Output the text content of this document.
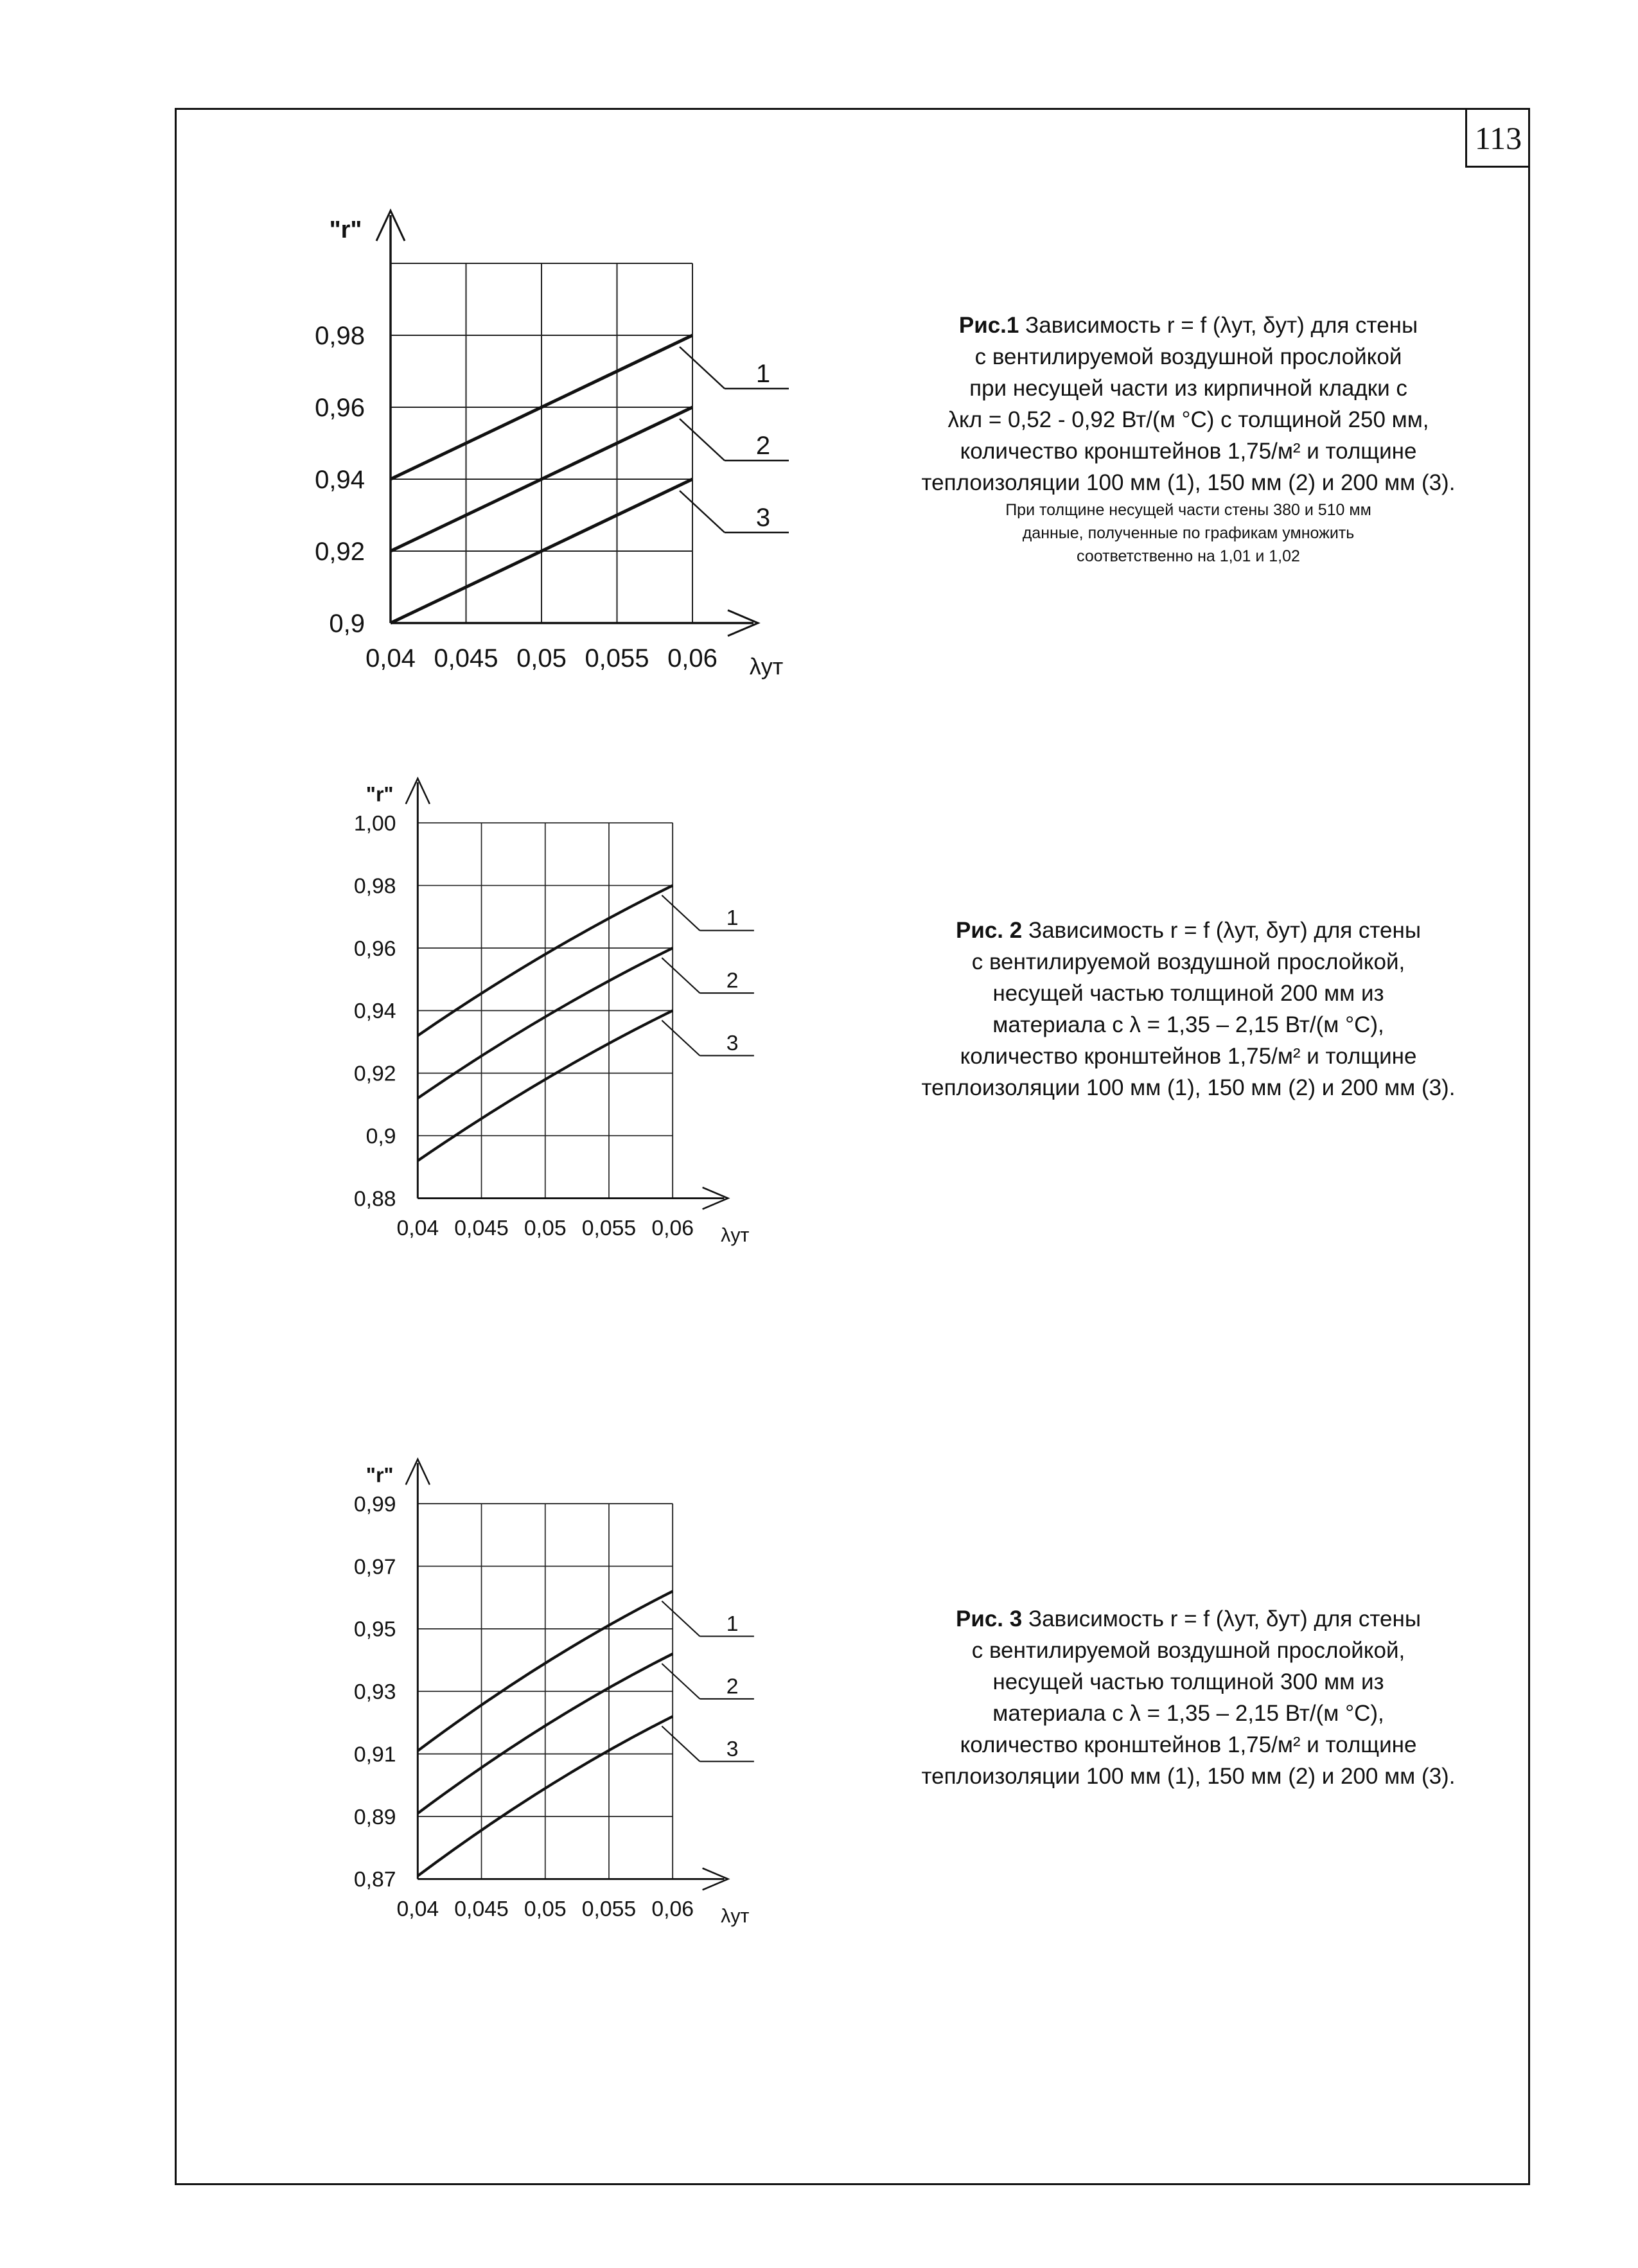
113
0,9
0,92
0,94
0,96
0,98
0,04 0,045 0,05 0,055 0,06
"r"
λут
1
2
3
0,88
0,9
0,92
0,94
0,96
0,98
1,00
0,04 0,045 0,05 0,055 0,06
"r"
λут
1
2
3
0,87
0,89
0,91
0,93
0,95
0,97
0,99
0,04 0,045 0,05 0,055 0,06
"r"
λут
1
2
3
Рис.1 Зависимость r = f (λут, δут) для стены
с вентилируемой воздушной прослойкой
при несущей части из кирпичной кладки с
λкл = 0,52 - 0,92 Вт/(м °С) с толщиной 250 мм,
количество кронштейнов 1,75/м² и толщине
теплоизоляции 100 мм (1), 150 мм (2) и 200 мм (3).
При толщине несущей части стены 380 и 510 мм
данные, полученные по графикам умножить
соответственно на 1,01 и 1,02
Рис. 2 Зависимость r = f (λут, δут) для стены
с вентилируемой воздушной прослойкой,
несущей частью толщиной 200 мм из
материала с λ = 1,35 – 2,15 Вт/(м °С),
количество кронштейнов 1,75/м² и толщине
теплоизоляции 100 мм (1), 150 мм (2) и 200 мм (3).
Рис. 3 Зависимость r = f (λут, δут) для стены
с вентилируемой воздушной прослойкой,
несущей частью толщиной 300 мм из
материала с λ = 1,35 – 2,15 Вт/(м °С),
количество кронштейнов 1,75/м² и толщине
теплоизоляции 100 мм (1), 150 мм (2) и 200 мм (3).
